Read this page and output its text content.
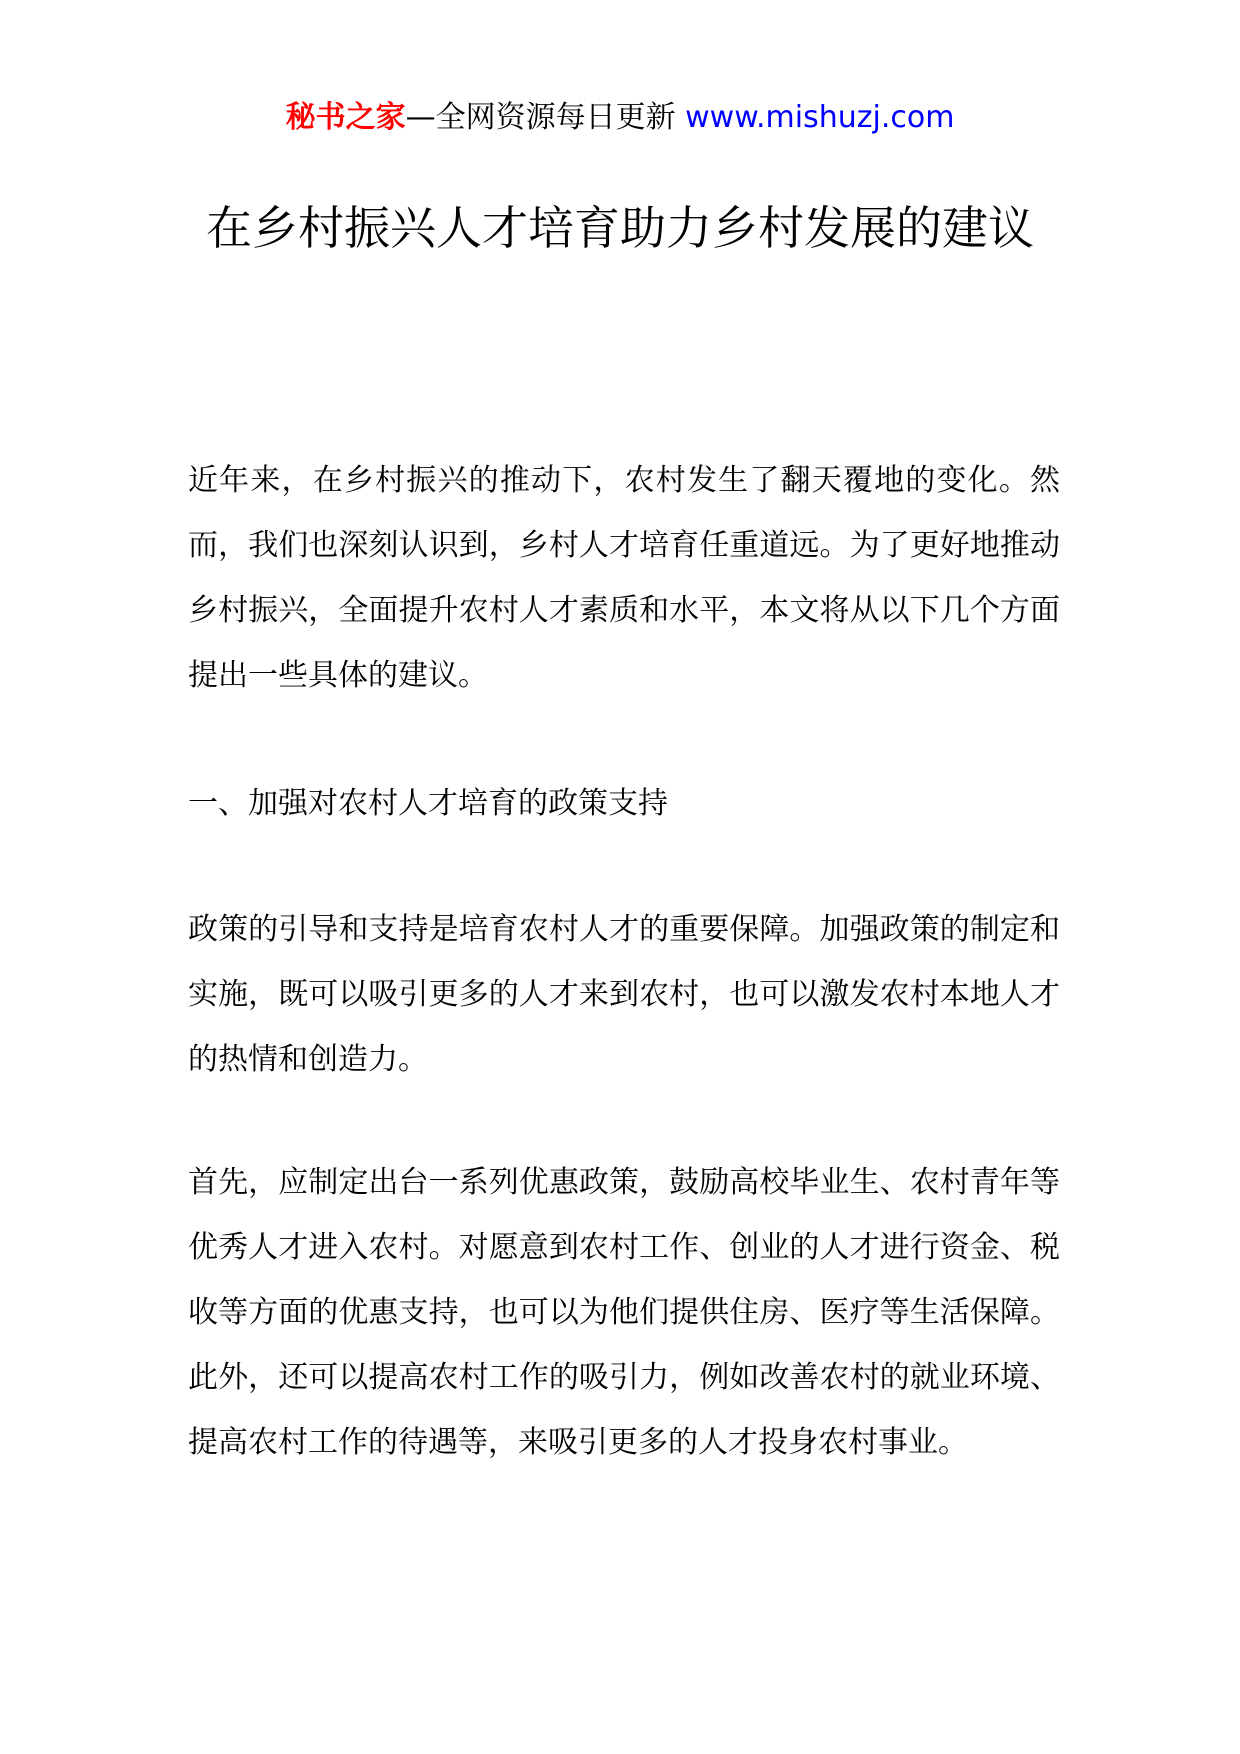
秘书之家—全网资源每日更新 www.mishuzj.com
在乡村振兴人才培育助力乡村发展的建议

近年来，在乡村振兴的推动下，农村发生了翻天覆地的变化。然而，我们也深刻认识到，乡村人才培育任重道远。为了更好地推动乡村振兴，全面提升农村人才素质和水平，本文将从以下几个方面提出一些具体的建议。

一、加强对农村人才培育的政策支持

政策的引导和支持是培育农村人才的重要保障。加强政策的制定和实施，既可以吸引更多的人才来到农村，也可以激发农村本地人才的热情和创造力。

首先，应制定出台一系列优惠政策，鼓励高校毕业生、农村青年等优秀人才进入农村。对愿意到农村工作、创业的人才进行资金、税收等方面的优惠支持，也可以为他们提供住房、医疗等生活保障。此外，还可以提高农村工作的吸引力，例如改善农村的就业环境、提高农村工作的待遇等，来吸引更多的人才投身农村事业。
